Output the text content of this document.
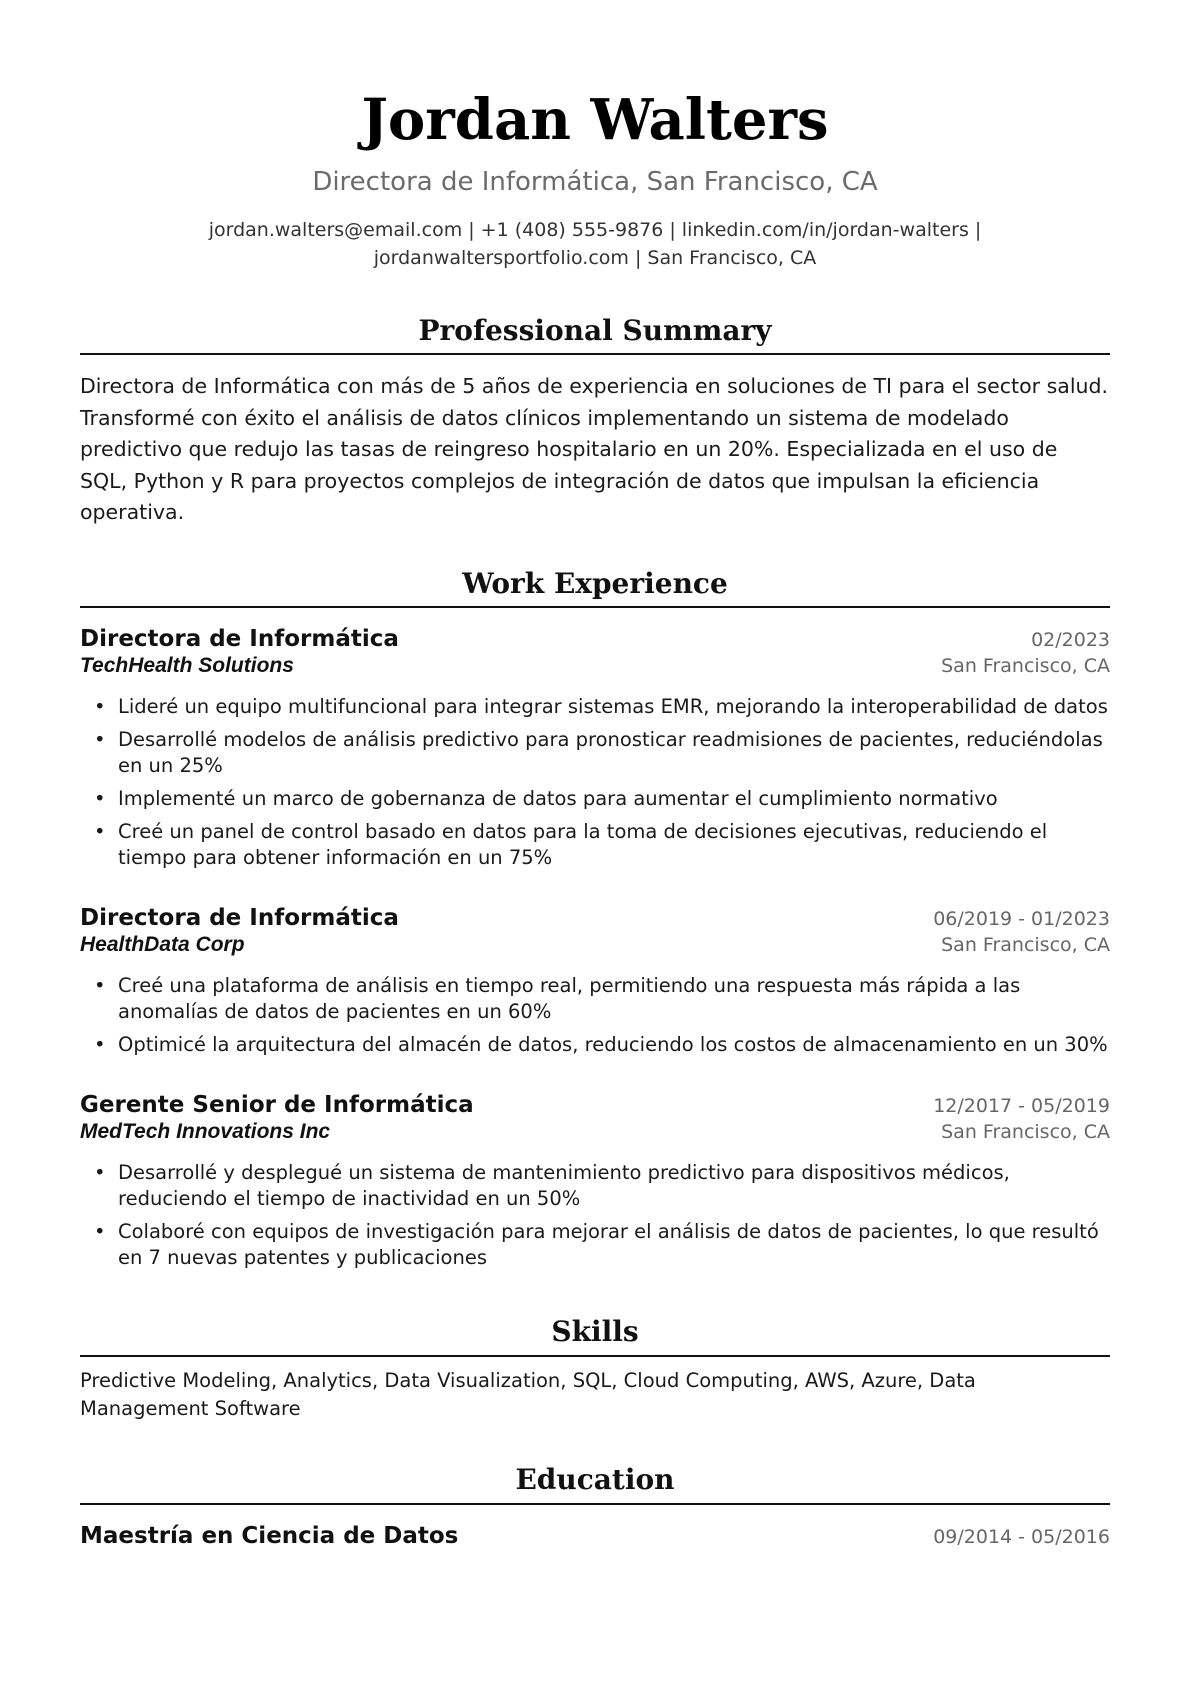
Jordan Walters
Directora de Informática, San Francisco, CA
jordan.walters@email.com | +1 (408) 555-9876 | linkedin.com/in/jordan-walters | jordanwaltersportfolio.com | San Francisco, CA
Professional Summary
Directora de Informática con más de 5 años de experiencia en soluciones de TI para el sector salud. Transformé con éxito el análisis de datos clínicos implementando un sistema de modelado predictivo que redujo las tasas de reingreso hospitalario en un 20%. Especializada en el uso de SQL, Python y R para proyectos complejos de integración de datos que impulsan la eficiencia operativa.
Work Experience
Directora de Informática	02/2023
TechHealth Solutions	San Francisco, CA
• Lideré un equipo multifuncional para integrar sistemas EMR, mejorando la interoperabilidad de datos
• Desarrollé modelos de análisis predictivo para pronosticar readmisiones de pacientes, reduciéndolas en un 25%
• Implementé un marco de gobernanza de datos para aumentar el cumplimiento normativo
• Creé un panel de control basado en datos para la toma de decisiones ejecutivas, reduciendo el tiempo para obtener información en un 75%
Directora de Informática	06/2019 - 01/2023
HealthData Corp	San Francisco, CA
• Creé una plataforma de análisis en tiempo real, permitiendo una respuesta más rápida a las anomalías de datos de pacientes en un 60%
• Optimicé la arquitectura del almacén de datos, reduciendo los costos de almacenamiento en un 30%
Gerente Senior de Informática	12/2017 - 05/2019
MedTech Innovations Inc	San Francisco, CA
• Desarrollé y desplegué un sistema de mantenimiento predictivo para dispositivos médicos, reduciendo el tiempo de inactividad en un 50%
• Colaboré con equipos de investigación para mejorar el análisis de datos de pacientes, lo que resultó en 7 nuevas patentes y publicaciones
Skills
Predictive Modeling, Analytics, Data Visualization, SQL, Cloud Computing, AWS, Azure, Data Management Software
Education
Maestría en Ciencia de Datos	09/2014 - 05/2016
